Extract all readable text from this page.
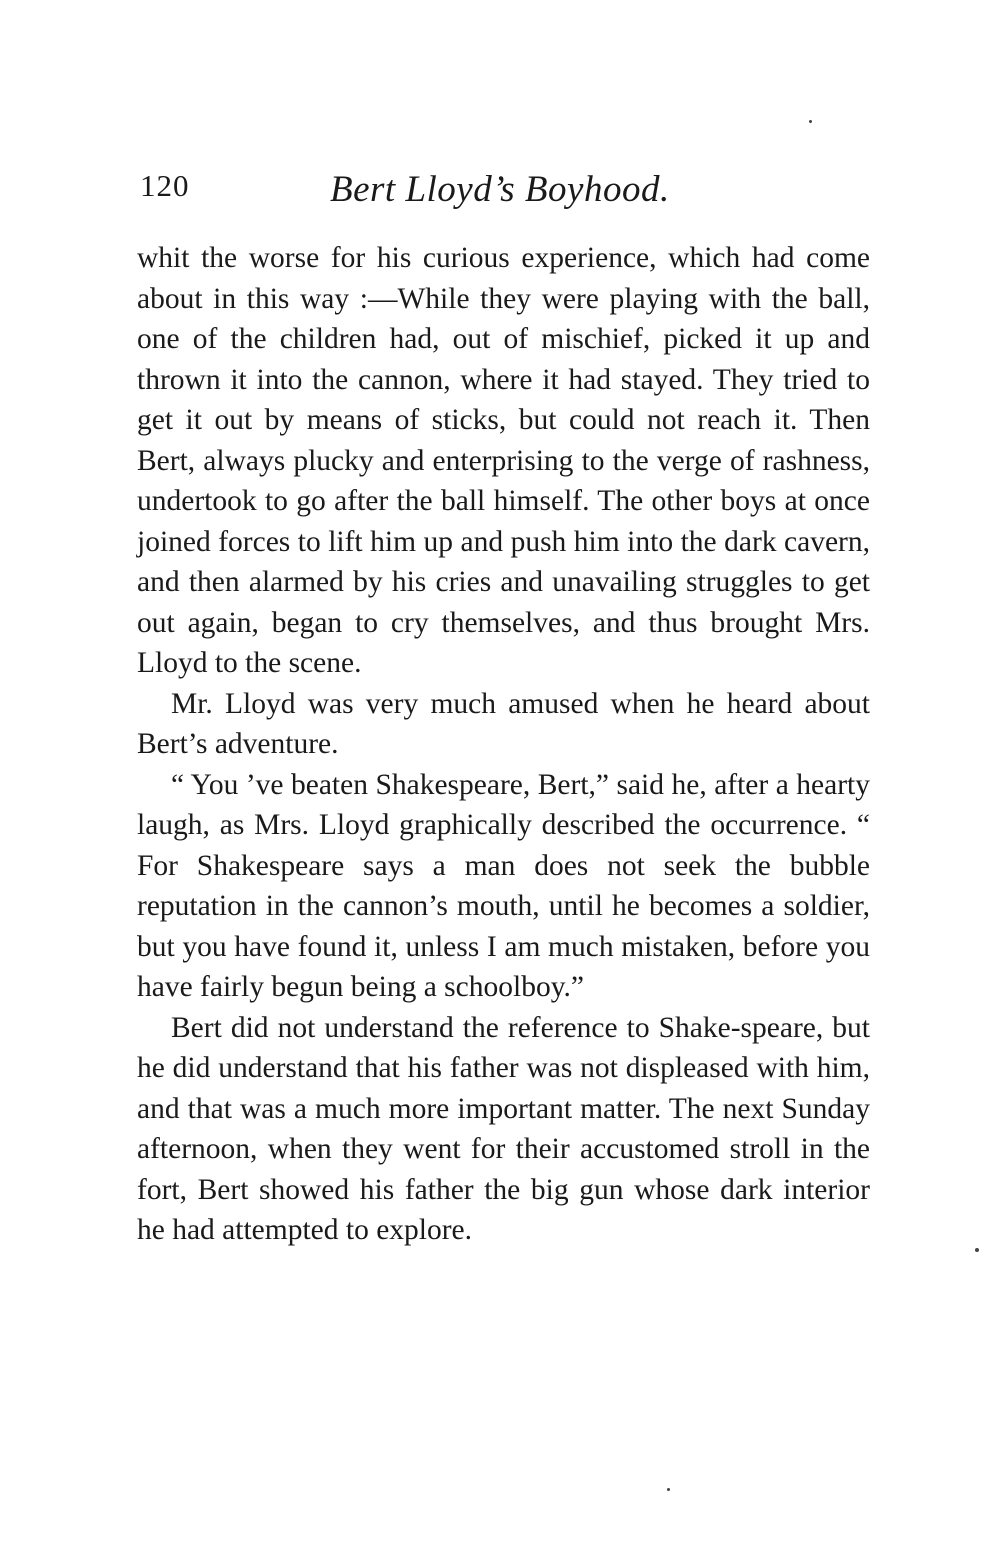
120	Bert Lloyd’s Boyhood.

whit the worse for his curious experience, which had come about in this way :—While they were playing with the ball, one of the children had, out of mischief, picked it up and thrown it into the cannon, where it had stayed. They tried to get it out by means of sticks, but could not reach it. Then Bert, always plucky and enterprising to the verge of rashness, undertook to go after the ball himself. The other boys at once joined forces to lift him up and push him into the dark cavern, and then alarmed by his cries and unavailing struggles to get out again, began to cry themselves, and thus brought Mrs. Lloyd to the scene.

Mr. Lloyd was very much amused when he heard about Bert’s adventure.

“ You ’ve beaten Shakespeare, Bert,” said he, after a hearty laugh, as Mrs. Lloyd graphically described the occurrence. “ For Shakespeare says a man does not seek the bubble reputation in the cannon’s mouth, until he becomes a soldier, but you have found it, unless I am much mistaken, before you have fairly begun being a schoolboy.”

Bert did not understand the reference to Shake-speare, but he did understand that his father was not displeased with him, and that was a much more important matter. The next Sunday afternoon, when they went for their accustomed stroll in the fort, Bert showed his father the big gun whose dark interior he had attempted to explore.
